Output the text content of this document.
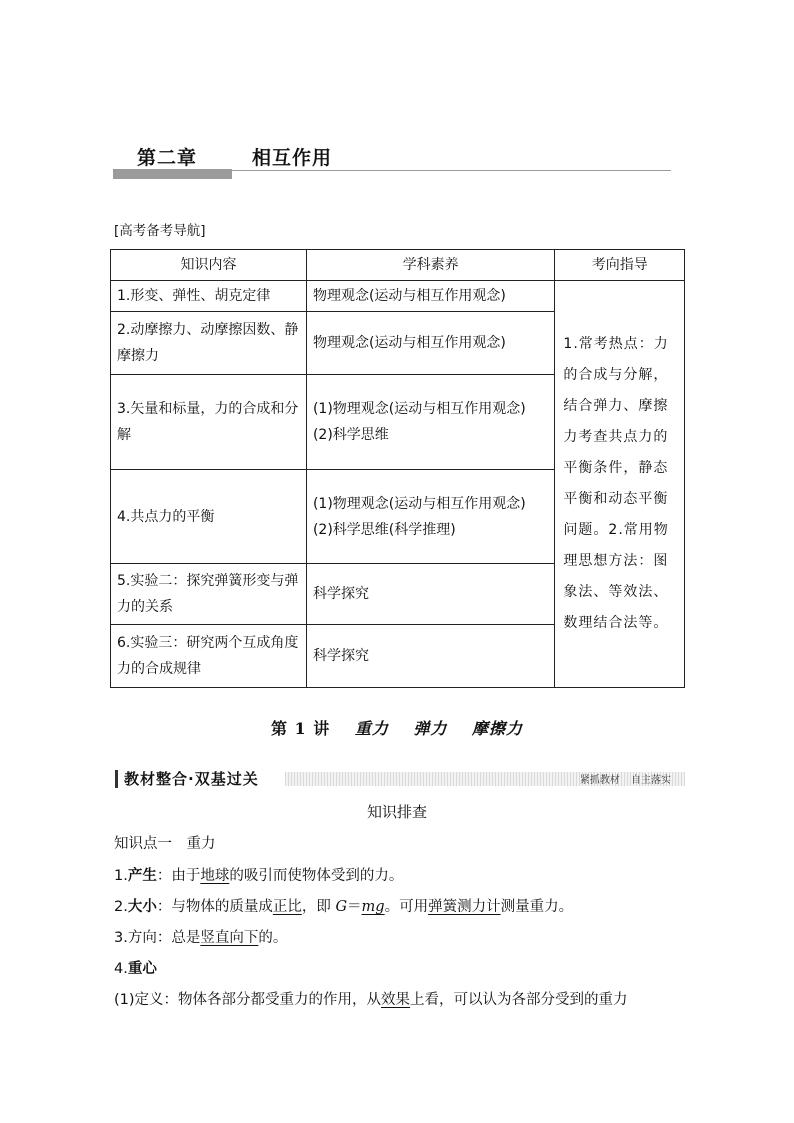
第二章	相互作用
[高考备考导航]
知识内容	学科素养	考向指导
1.形变、弹性、胡克定律	物理观念(运动与相互作用观念)	1.常考热点：力的合成与分解，结合弹力、摩擦力考查共点力的平衡条件，静态平衡和动态平衡问题。2.常用物理思想方法：图象法、等效法、数理结合法等。
2.动摩擦力、动摩擦因数、静摩擦力	物理观念(运动与相互作用观念)	

3.矢量和标量，力的合成和分解	(1)物理观念(运动与相互作用观念)
(2)科学思维	

4.共点力的平衡	(1)物理观念(运动与相互作用观念)
(2)科学思维(科学推理)	

5.实验二：探究弹簧形变与弹力的关系	科学探究	

6.实验三：研究两个互成角度力的合成规律	科学探究	
第 1 讲 重力 弹力 摩擦力
教材整合·双基过关	紧抓教材 自主落实
知识排查
知识点一　重力
1.产生：由于地球的吸引而使物体受到的力。
2.大小：与物体的质量成正比，即 G＝mg。可用弹簧测力计测量重力。
3.方向：总是竖直向下的。
4.重心
(1)定义：物体各部分都受重力的作用，从效果上看，可以认为各部分受到的重力
